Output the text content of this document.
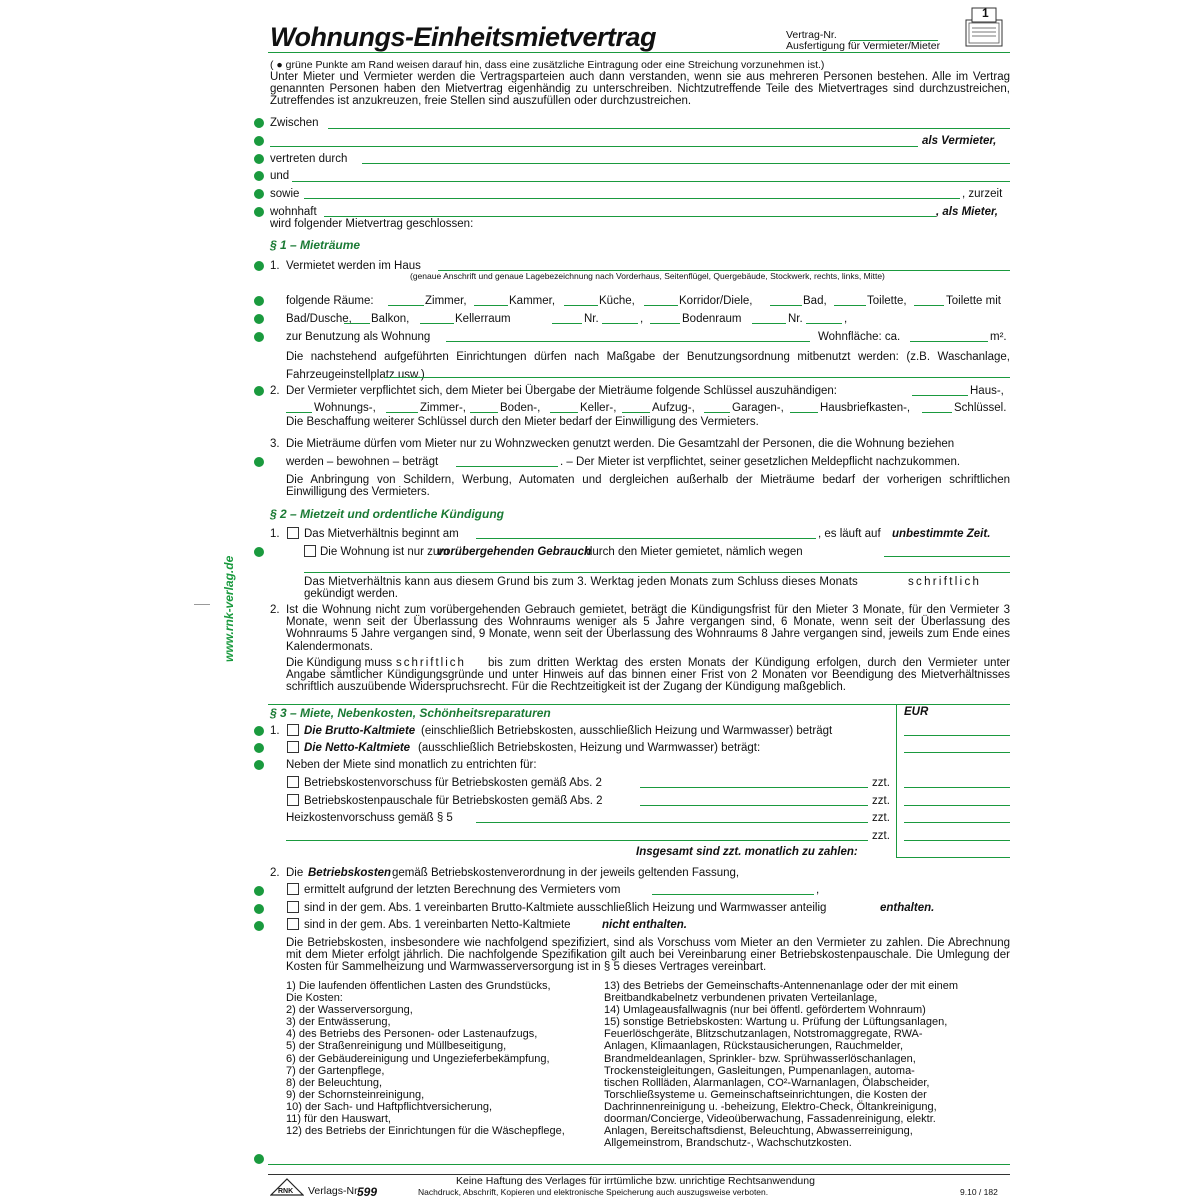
Wohnungs-Einheitsmietvertrag	Vertrag-Nr.
Ausfertigung für Vermieter/Mieter
1
( ● grüne Punkte am Rand weisen darauf hin, dass eine zusätzliche Eintragung oder eine Streichung vorzunehmen ist.)
Unter Mieter und Vermieter werden die Vertragsparteien auch dann verstanden, wenn sie aus mehreren Personen bestehen. Alle im Vertrag genannten Personen haben den Mietvertrag eigenhändig zu unterschreiben. Nichtzutreffende Teile des Mietvertrages sind durchzustreichen, Zutreffendes ist anzukreuzen, freie Stellen sind auszufüllen oder durchzustreichen.
Zwischen
als Vermieter,
vertreten durch
und
sowie	, zurzeit
wohnhaft	, als Mieter,
wird folgender Mietvertrag geschlossen:
§ 1 – Mieträume
1. Vermietet werden im Haus
(genaue Anschrift und genaue Lagebezeichnung nach Vorderhaus, Seitenflügel, Quergebäude, Stockwerk, rechts, links, Mitte)
folgende Räume:	Zimmer,	Kammer,	Küche,	Korridor/Diele,	Bad,	Toilette,	Toilette mit
Bad/Dusche, Balkon,	Kellerraum	Nr.	,	Bodenraum	Nr.	,
zur Benutzung als Wohnung	Wohnfläche: ca.	m².
Die nachstehend aufgeführten Einrichtungen dürfen nach Maßgabe der Benutzungsordnung mitbenutzt werden: (z.B. Waschanlage, Fahrzeugeinstellplatz usw.)
2. Der Vermieter verpflichtet sich, dem Mieter bei Übergabe der Mieträume folgende Schlüssel auszuhändigen:	Haus-,
Wohnungs-,	Zimmer-,	Boden-,	Keller-,	Aufzug-,	Garagen-,	Hausbriefkasten-,	Schlüssel.
Die Beschaffung weiterer Schlüssel durch den Mieter bedarf der Einwilligung des Vermieters.
3. Die Mieträume dürfen vom Mieter nur zu Wohnzwecken genutzt werden. Die Gesamtzahl der Personen, die die Wohnung beziehen
werden – bewohnen – beträgt	. – Der Mieter ist verpflichtet, seiner gesetzlichen Meldepflicht nachzukommen.
Die Anbringung von Schildern, Werbung, Automaten und dergleichen außerhalb der Mieträume bedarf der vorherigen schriftlichen Einwilligung des Vermieters.
§ 2 – Mietzeit und ordentliche Kündigung
1. Das Mietverhältnis beginnt am	, es läuft auf unbestimmte Zeit.
Die Wohnung ist nur zum
vorübergehenden Gebrauch
durch den Mieter gemietet, nämlich wegen
Das Mietverhältnis kann aus diesem Grund bis zum 3. Werktag jeden Monats zum Schluss dieses Monats	schriftlich
gekündigt werden.
2. Ist die Wohnung nicht zum vorübergehenden Gebrauch gemietet, beträgt die Kündigungsfrist für den Mieter 3 Monate, für den Vermieter 3 Monate, wenn seit der Überlassung des Wohnraums weniger als 5 Jahre vergangen sind, 6 Monate, wenn seit der Überlassung des Wohnraums 5 Jahre vergangen sind, 9 Monate, wenn seit der Überlassung des Wohnraums 8 Jahre vergangen sind, jeweils zum Ende eines Kalendermonats.
Die Kündigung muss schriftlich	bis zum dritten Werktag des ersten Monats der Kündigung erfolgen, durch den Vermieter unter Angabe sämtlicher Kündigungsgründe und unter Hinweis auf das binnen einer Frist von 2 Monaten vor Beendigung des Mietverhältnisses schriftlich auszuübende Widerspruchsrecht. Für die Rechtzeitigkeit ist der Zugang der Kündigung maßgeblich.
§ 3 – Miete, Nebenkosten, Schönheitsreparaturen	EUR
1. Die Brutto-Kaltmiete (einschließlich Betriebskosten, ausschließlich Heizung und Warmwasser) beträgt
Die Netto-Kaltmiete (ausschließlich Betriebskosten, Heizung und Warmwasser) beträgt:
Neben der Miete sind monatlich zu entrichten für:
Betriebskostenvorschuss für Betriebskosten gemäß Abs. 2	zzt.
Betriebskostenpauschale für Betriebskosten gemäß Abs. 2	zzt.
Heizkostenvorschuss gemäß § 5	zzt.
zzt.
Insgesamt sind zzt. monatlich zu zahlen:
2. Die Betriebskosten gemäß Betriebskostenverordnung in der jeweils geltenden Fassung,
ermittelt aufgrund der letzten Berechnung des Vermieters vom	,
sind in der gem. Abs. 1 vereinbarten Brutto-Kaltmiete ausschließlich Heizung und Warmwasser anteilig	enthalten.
sind in der gem. Abs. 1 vereinbarten Netto-Kaltmiete	nicht enthalten.
Die Betriebskosten, insbesondere wie nachfolgend spezifiziert, sind als Vorschuss vom Mieter an den Vermieter zu zahlen. Die Abrechnung mit dem Mieter erfolgt jährlich. Die nachfolgende Spezifikation gilt auch bei Vereinbarung einer Betriebskostenpauschale. Die Umlegung der Kosten für Sammelheizung und Warmwasserversorgung ist in § 5 dieses Vertrages vereinbart.
1) Die laufenden öffentlichen Lasten des Grundstücks,
Die Kosten:
2) der Wasserversorgung,
3) der Entwässerung,
4) des Betriebs des Personen- oder Lastenaufzugs,
5) der Straßenreinigung und Müllbeseitigung,
6) der Gebäudereinigung und Ungezieferbekämpfung,
7) der Gartenpflege,
8) der Beleuchtung,
9) der Schornsteinreinigung,
10) der Sach- und Haftpflichtversicherung,
11) für den Hauswart,
12) des Betriebs der Einrichtungen für die Wäschepflege,
13) des Betriebs der Gemeinschafts-Antennenanlage oder der mit einem
Breitbandkabelnetz verbundenen privaten Verteilanlage,
14) Umlageausfallwagnis (nur bei öffentl. gefördertem Wohnraum)
15) sonstige Betriebskosten: Wartung u. Prüfung der Lüftungsanlagen,
Feuerlöschgeräte, Blitzschutzanlagen, Notstromaggregate, RWA-
Anlagen, Klimaanlagen, Rückstausicherungen, Rauchmelder,
Brandmeldeanlagen, Sprinkler- bzw. Sprühwasserlöschanlagen,
Trockensteigleitungen, Gasleitungen, Pumpenanlagen, automa-
tischen Rollläden, Alarmanlagen, CO²-Warnanlagen, Ölabscheider,
Torschließsysteme u. Gemeinschaftseinrichtungen, die Kosten der
Dachrinnenreinigung u. -beheizung, Elektro-Check, Öltankreinigung,
doorman/Concierge, Videoüberwachung, Fassadenreinigung, elektr.
Anlagen, Bereitschaftsdienst, Beleuchtung, Abwasserreinigung,
Allgemeinstrom, Brandschutz-, Wachschutzkosten.
www.rnk-verlag.de
RNK Verlags-Nr.
599
Keine Haftung des Verlages für irrtümliche bzw. unrichtige Rechtsanwendung
Nachdruck, Abschrift, Kopieren und elektronische Speicherung auch auszugsweise verboten.	9.10 / 182
